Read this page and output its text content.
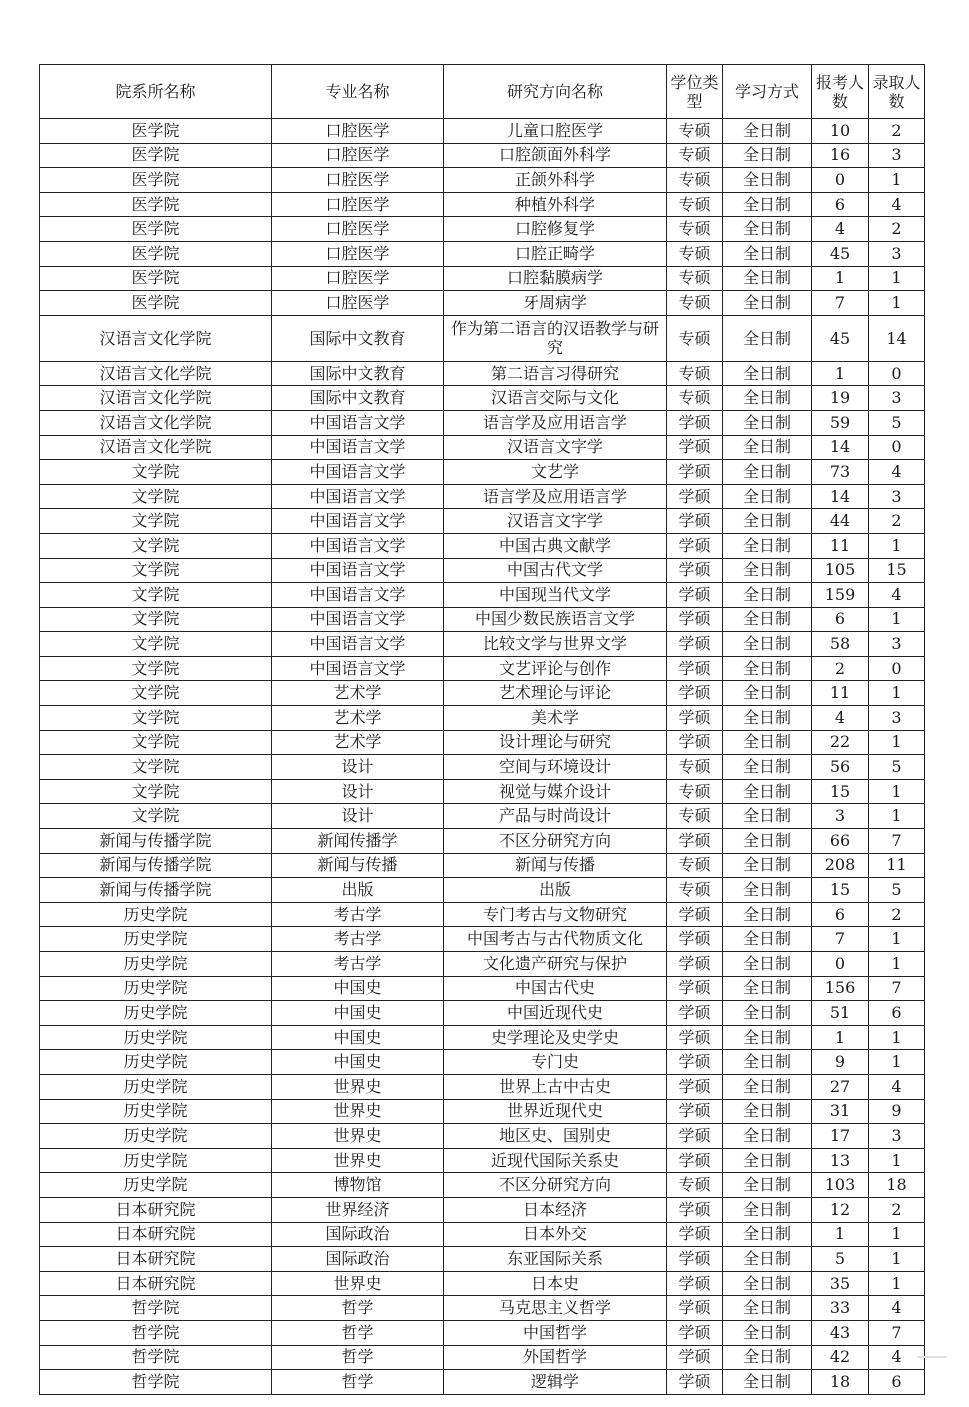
院系所名称	专业名称	研究方向名称	学位类型	学习方式	报考人数	录取人数
医学院	口腔医学	儿童口腔医学	专硕	全日制	10	2
医学院	口腔医学	口腔颌面外科学	专硕	全日制	16	3
医学院	口腔医学	正颌外科学	专硕	全日制	0	1
医学院	口腔医学	种植外科学	专硕	全日制	6	4
医学院	口腔医学	口腔修复学	专硕	全日制	4	2
医学院	口腔医学	口腔正畸学	专硕	全日制	45	3
医学院	口腔医学	口腔黏膜病学	专硕	全日制	1	1
医学院	口腔医学	牙周病学	专硕	全日制	7	1
汉语言文化学院	国际中文教育	作为第二语言的汉语教学与研究	专硕	全日制	45	14
汉语言文化学院	国际中文教育	第二语言习得研究	专硕	全日制	1	0
汉语言文化学院	国际中文教育	汉语言交际与文化	专硕	全日制	19	3
汉语言文化学院	中国语言文学	语言学及应用语言学	学硕	全日制	59	5
汉语言文化学院	中国语言文学	汉语言文字学	学硕	全日制	14	0
文学院	中国语言文学	文艺学	学硕	全日制	73	4
文学院	中国语言文学	语言学及应用语言学	学硕	全日制	14	3
文学院	中国语言文学	汉语言文字学	学硕	全日制	44	2
文学院	中国语言文学	中国古典文献学	学硕	全日制	11	1
文学院	中国语言文学	中国古代文学	学硕	全日制	105	15
文学院	中国语言文学	中国现当代文学	学硕	全日制	159	4
文学院	中国语言文学	中国少数民族语言文学	学硕	全日制	6	1
文学院	中国语言文学	比较文学与世界文学	学硕	全日制	58	3
文学院	中国语言文学	文艺评论与创作	学硕	全日制	2	0
文学院	艺术学	艺术理论与评论	学硕	全日制	11	1
文学院	艺术学	美术学	学硕	全日制	4	3
文学院	艺术学	设计理论与研究	学硕	全日制	22	1
文学院	设计	空间与环境设计	专硕	全日制	56	5
文学院	设计	视觉与媒介设计	专硕	全日制	15	1
文学院	设计	产品与时尚设计	专硕	全日制	3	1
新闻与传播学院	新闻传播学	不区分研究方向	学硕	全日制	66	7
新闻与传播学院	新闻与传播	新闻与传播	专硕	全日制	208	11
新闻与传播学院	出版	出版	专硕	全日制	15	5
历史学院	考古学	专门考古与文物研究	学硕	全日制	6	2
历史学院	考古学	中国考古与古代物质文化	学硕	全日制	7	1
历史学院	考古学	文化遗产研究与保护	学硕	全日制	0	1
历史学院	中国史	中国古代史	学硕	全日制	156	7
历史学院	中国史	中国近现代史	学硕	全日制	51	6
历史学院	中国史	史学理论及史学史	学硕	全日制	1	1
历史学院	中国史	专门史	学硕	全日制	9	1
历史学院	世界史	世界上古中古史	学硕	全日制	27	4
历史学院	世界史	世界近现代史	学硕	全日制	31	9
历史学院	世界史	地区史、国别史	学硕	全日制	17	3
历史学院	世界史	近现代国际关系史	学硕	全日制	13	1
历史学院	博物馆	不区分研究方向	专硕	全日制	103	18
日本研究院	世界经济	日本经济	学硕	全日制	12	2
日本研究院	国际政治	日本外交	学硕	全日制	1	1
日本研究院	国际政治	东亚国际关系	学硕	全日制	5	1
日本研究院	世界史	日本史	学硕	全日制	35	1
哲学院	哲学	马克思主义哲学	学硕	全日制	33	4
哲学院	哲学	中国哲学	学硕	全日制	43	7
哲学院	哲学	外国哲学	学硕	全日制	42	4
哲学院	哲学	逻辑学	学硕	全日制	18	6
